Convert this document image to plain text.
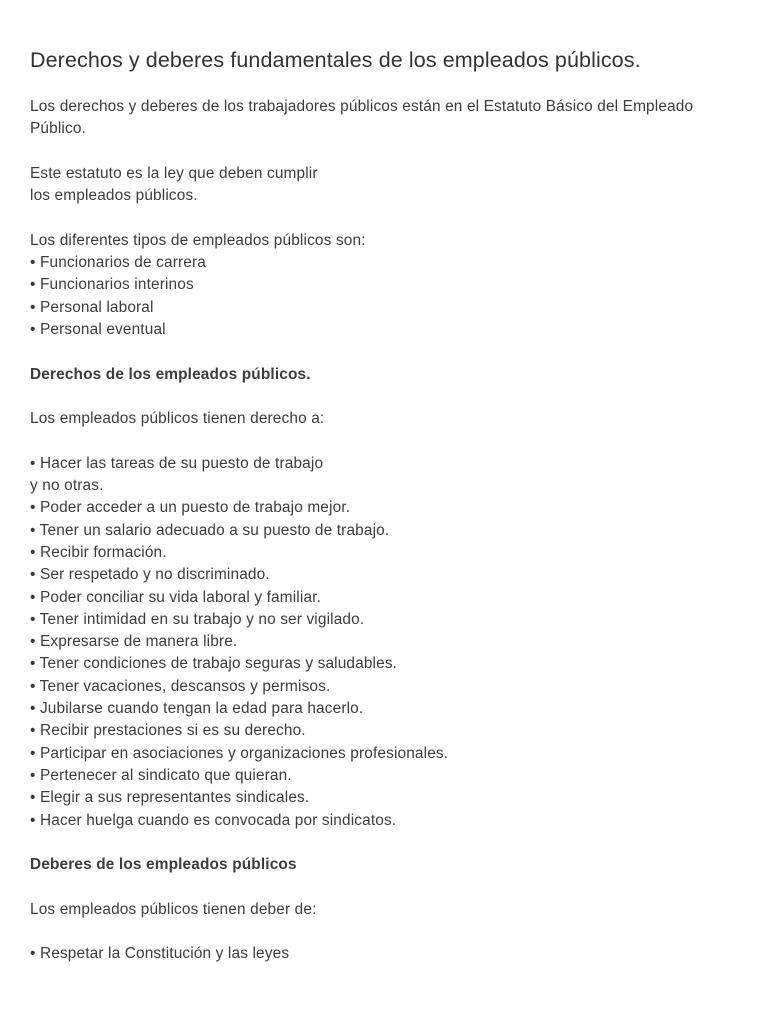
Derechos y deberes fundamentales de los empleados públicos.

Los derechos y deberes de los trabajadores públicos están en el Estatuto Básico del Empleado
Público.

Este estatuto es la ley que deben cumplir
los empleados públicos.

Los diferentes tipos de empleados públicos son:
• Funcionarios de carrera
• Funcionarios interinos
• Personal laboral
• Personal eventual

Derechos de los empleados públicos.

Los empleados públicos tienen derecho a:

• Hacer las tareas de su puesto de trabajo
y no otras.
• Poder acceder a un puesto de trabajo mejor.
• Tener un salario adecuado a su puesto de trabajo.
• Recibir formación.
• Ser respetado y no discriminado.
• Poder conciliar su vida laboral y familiar.
• Tener intimidad en su trabajo y no ser vigilado.
• Expresarse de manera libre.
• Tener condiciones de trabajo seguras y saludables.
• Tener vacaciones, descansos y permisos.
• Jubilarse cuando tengan la edad para hacerlo.
• Recibir prestaciones si es su derecho.
• Participar en asociaciones y organizaciones profesionales.
• Pertenecer al sindicato que quieran.
• Elegir a sus representantes sindicales.
• Hacer huelga cuando es convocada por sindicatos.

Deberes de los empleados públicos

Los empleados públicos tienen deber de:

• Respetar la Constitución y las leyes
